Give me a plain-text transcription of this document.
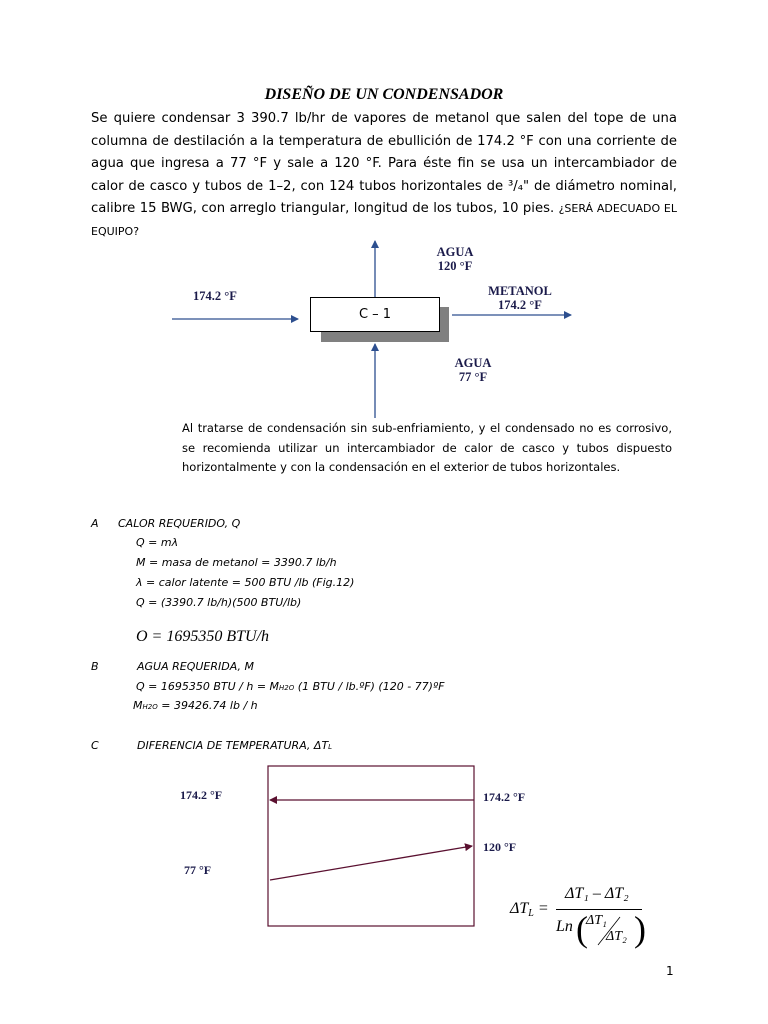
DISEÑO DE UN CONDENSADOR

Se quiere condensar 3 390.7 lb/hr de vapores de metanol que salen del tope de una columna de destilación a la temperatura de ebullición de 174.2 °F con una corriente de agua que ingresa a 77 °F y sale a 120 °F. Para éste fin se usa un intercambiador de calor de casco y tubos de 1–2, con 124 tubos horizontales de ³/₄" de diámetro nominal, calibre 15 BWG, con arreglo triangular, longitud de los tubos, 10 pies. ¿SERÁ ADECUADO EL EQUIPO?

C – 1
174.2 °F
AGUA
120 °F
METANOL
174.2 °F
AGUA
77 °F

Al tratarse de condensación sin sub-enfriamiento, y el condensado no es corrosivo, se recomienda utilizar un intercambiador de calor de casco y tubos dispuesto horizontalmente y con la condensación en el exterior de tubos horizontales.

A CALOR REQUERIDO, Q
Q = mλ
M = masa de metanol = 3390.7 lb/h
λ = calor latente = 500 BTU /lb (Fig.12)
Q = (3390.7 lb/h)(500 BTU/lb)
O = 1695350 BTU/h
B	AGUA REQUERIDA, M
Q = 1695350 BTU / h = MH2O (1 BTU / lb.ºF) (120 - 77)ºF
MH2O = 39426.74 lb / h
C	DIFERENCIA DE TEMPERATURA, ΔTL
174.2 °F	174.2 °F
120 °F
77 °F
$\Delta T_L$ =
ΔT₁ – ΔT₂
Ln (
ΔT₁
ΔT₂ )
1
